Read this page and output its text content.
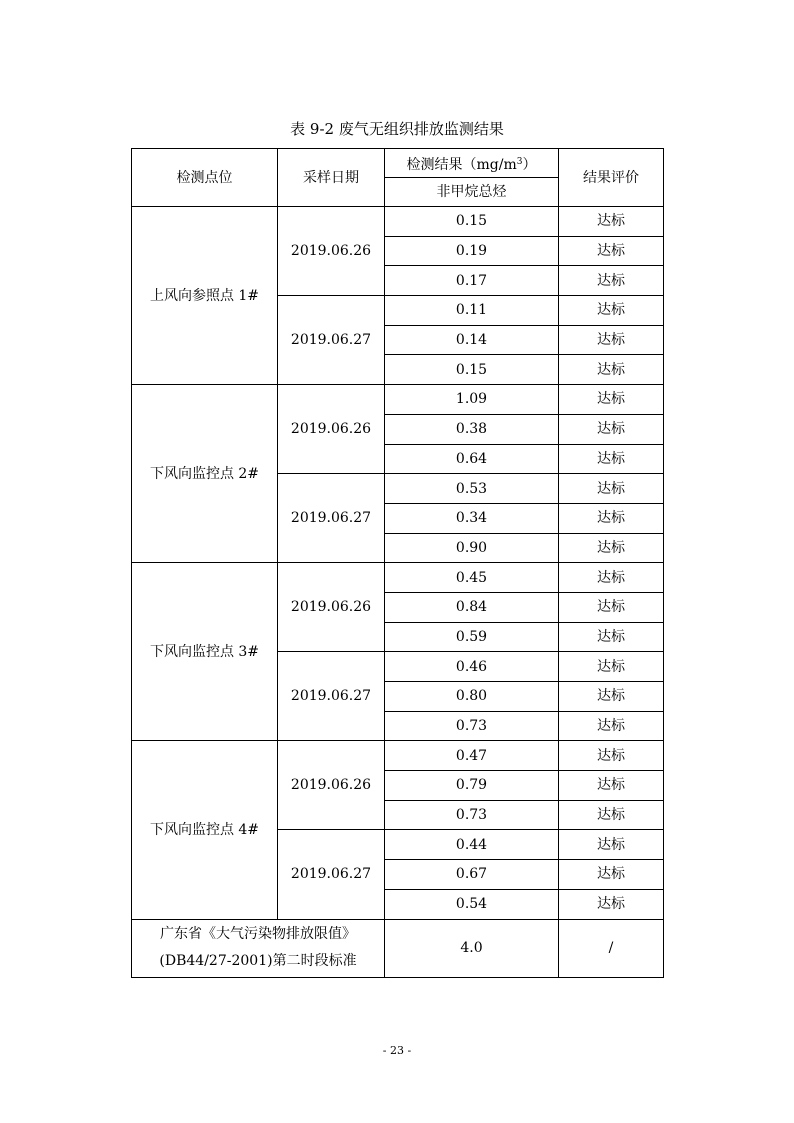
表 9-2 废气无组织排放监测结果
检测点位	采样日期	检测结果$(mg/m^3)$	结果评价
		非甲烷总烃	
上风向参照点 1#	2019.06.26	0.15	达标
		0.19	达标
		0.17	达标
	2019.06.27	0.11	达标
		0.14	达标
		0.15	达标
下风向监控点 2#	2019.06.26	1.09	达标
		0.38	达标
		0.64	达标
	2019.06.27	0.53	达标
		0.34	达标
		0.90	达标
下风向监控点 3#	2019.06.26	0.45	达标
		0.84	达标
		0.59	达标
	2019.06.27	0.46	达标
		0.80	达标
		0.73	达标
下风向监控点 4#	2019.06.26	0.47	达标
		0.79	达标
		0.73	达标
	2019.06.27	0.44	达标
		0.67	达标
		0.54	达标
广东省《大气污染物排放限值》
(DB44/27-2001)第二时段标准		4.0	/
- 23 -
